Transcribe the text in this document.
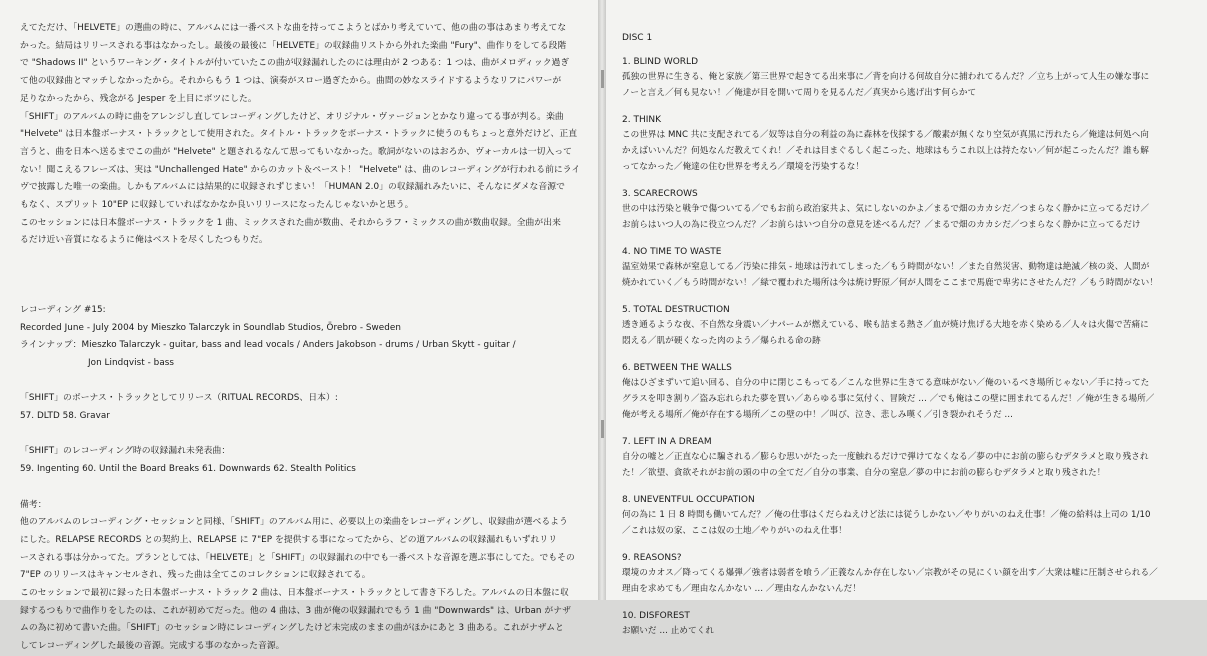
えてただけ、「HELVETE」の選曲の時に、アルバムには一番ベストな曲を持ってこようとばかり考えていて、他の曲の事はあまり考えてな

かった。結局はリリースされる事はなかったし。最後の最後に「HELVETE」の収録曲リストから外れた楽曲 "Fury"、曲作りをしてる段階

で "Shadows II" というワーキング・タイトルが付いていたこの曲が収録漏れしたのには理由が 2 つある：1 つは、曲がメロディック過ぎ

て他の収録曲とマッチしなかったから。それからもう 1 つは、演奏がスロー過ぎたから。曲間の妙なスライドするようなリフにパワーが

足りなかったから、残念がる Jesper を上目にボツにした。

「SHIFT」のアルバムの時に曲をアレンジし直してレコーディングしたけど、オリジナル・ヴァージョンとかなり違ってる事が判る。楽曲

"Helvete" は日本盤ボーナス・トラックとして使用された。タイトル・トラックをボーナス・トラックに使うのもちょっと意外だけど、正直

言うと、曲を日本へ送るまでこの曲が "Helvete" と題されるなんて思ってもいなかった。歌詞がないのはおろか、ヴォーカルは一切入って

ない！聞こえるフレーズは、実は "Unchallenged Hate" からのカット＆ペースト！ "Helvete" は、曲のレコーディングが行われる前にライ

ヴで披露した唯一の楽曲。しかもアルバムには結果的に収録されずじまい！「HUMAN 2.0」の収録漏れみたいに、そんなにダメな音源で

もなく、スプリット 10"EP に収録していればなかなか良いリリースになったんじゃないかと思う。

このセッションには日本盤ボーナス・トラックを 1 曲、ミックスされた曲が数曲、それからラフ・ミックスの曲が数曲収録。全曲が出来

るだけ近い音質になるように俺はベストを尽くしたつもりだ。

レコーディング #15:

Recorded June - July 2004 by Mieszko Talarczyk in Soundlab Studios, Örebro - Sweden

ラインナップ：Mieszko Talarczyk - guitar, bass and lead vocals / Anders Jakobson - drums / Urban Skytt - guitar /

Jon Lindqvist - bass

「SHIFT」のボーナス・トラックとしてリリース（RITUAL RECORDS、日本）:

57. DLTD 58. Gravar

「SHIFT」のレコーディング時の収録漏れ未発表曲：

59. Ingenting 60. Until the Board Breaks 61. Downwards 62. Stealth Politics

備考：

他のアルバムのレコーディング・セッションと同様、「SHIFT」のアルバム用に、必要以上の楽曲をレコーディングし、収録曲が選べるよう

にした。RELAPSE RECORDS との契約上、RELAPSE に 7"EP を提供する事になってたから、どの道アルバムの収録漏れもいずれリリ

ースされる事は分かってた。プランとしては、「HELVETE」と「SHIFT」の収録漏れの中でも一番ベストな音源を選ぶ事にしてた。でもその

7"EP のリリースはキャンセルされ、残った曲は全てこのコレクションに収録されてる。

このセッションで最初に録った日本盤ボーナス・トラック 2 曲は、日本盤ボーナス・トラックとして書き下ろした。アルバムの日本盤に収

録するつもりで曲作りをしたのは、これが初めてだった。他の 4 曲は、3 曲が俺の収録漏れでもう 1 曲 "Downwards" は、Urban がナザ

ムの為に初めて書いた曲。「SHIFT」のセッション時にレコーディングしたけど未完成のままの曲がほかにあと 3 曲ある。これがナザムと

してレコーディングした最後の音源。完成する事のなかった音源。

DISC 1
1. BLIND WORLD

孤独の世界に生きる、俺と家族／第三世界で起きてる出来事に／背を向ける何故自分に捕われてるんだ？／立ち上がって人生の嫌な事に

ノーと言え／何も見ない！／俺達が目を開いて周りを見るんだ／真実から逃げ出す何らかて

2. THINK

この世界は MNC 共に支配されてる／奴等は自分の利益の為に森林を伐採する／酸素が無くなり空気が真黒に汚れたら／俺達は何処へ向

かえばいいんだ？何処なんだ教えてくれ！／それは目まぐるしく起こった、地球はもうこれ以上は持たない／何が起こったんだ？誰も解

ってなかった／俺達の住む世界を考えろ／環境を汚染するな！

3. SCARECROWS

世の中は汚染と戦争で傷ついてる／でもお前ら政治家共よ、気にしないのかよ／まるで畑のカカシだ／つまらなく静かに立ってるだけ／

お前らはいつ人の為に役立つんだ？／お前らはいつ自分の意見を述べるんだ？／まるで畑のカカシだ／つまらなく静かに立ってるだけ

4. NO TIME TO WASTE

温室効果で森林が窒息してる／汚染に排気 - 地球は汚れてしまった／もう時間がない！／また自然災害、動物達は絶滅／核の炎、人間が

焼かれていく／もう時間がない！／緑で覆われた場所は今は焼け野原／何が人間をここまで馬鹿で卑劣にさせたんだ？／もう時間がない！

5. TOTAL DESTRUCTION

透き通るような夜、不自然な身震い／ナパームが燃えている、喉も詰まる熱さ／血が焼け焦げる大地を赤く染める／人々は火傷で苦痛に

悶える／肌が硬くなった肉のよう／爆られる命の跡

6. BETWEEN THE WALLS

俺はひざまずいて追い回る、自分の中に閉じこもってる／こんな世界に生きてる意味がない／俺のいるべき場所じゃない／手に持ってた

グラスを叩き割り／盗み忘れられた夢を買い／あらゆる事に気付く、冒険だ … ／でも俺はこの壁に囲まれてるんだ！／俺が生きる場所／

俺が考える場所／俺が存在する場所／この壁の中！／叫び、泣き、悲しみ嘆く／引き裂かれそうだ …

7. LEFT IN A DREAM

自分の嘘と／正直な心に騙される／膨らむ思いがたった一度触れるだけで弾けてなくなる／夢の中にお前の膨らむデタラメと取り残され

た！／欲望、貪欲それがお前の頭の中の全てだ／自分の事業、自分の窒息／夢の中にお前の膨らむデタラメと取り残された！

8. UNEVENTFUL OCCUPATION

何の為に 1 日 8 時間も働いてんだ？／俺の仕事はくだらねえけど法には従うしかない／やりがいのねえ仕事！／俺の給料は上司の 1/10

／これは奴の家、ここは奴の土地／やりがいのねえ仕事！

9. REASONS?

環境のカオス／降ってくる爆弾／強者は弱者を喰う／正義なんか存在しない／宗教がその見にくい顔を出す／大衆は嘘に圧制させられる／

理由を求めても／理由なんかない … ／理由なんかないんだ！

10. DISFOREST

お願いだ … 止めてくれ
